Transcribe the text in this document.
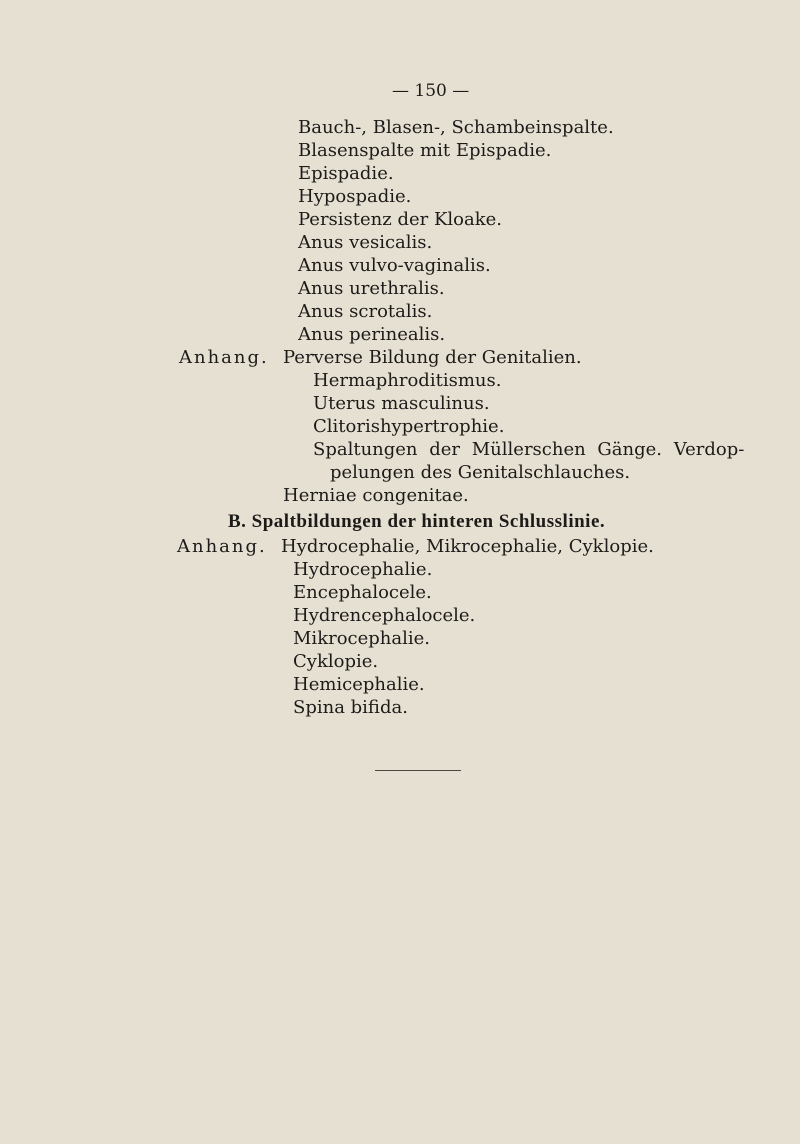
— 150 —
Bauch-, Blasen-, Schambeinspalte.
Blasenspalte mit Epispadie.
Epispadie.
Hypospadie.
Persistenz der Kloake.
Anus vesicalis.
Anus vulvo-vaginalis.
Anus urethralis.
Anus scrotalis.
Anus perinealis.
Anhang. Perverse Bildung der Genitalien.
Hermaphroditismus.
Uterus masculinus.
Clitorishypertrophie.
Spaltungen der Müllerschen Gänge. Verdop-
pelungen des Genitalschlauches.
Herniae congenitae.
B. Spaltbildungen der hinteren Schlusslinie.
Anhang. Hydrocephalie, Mikrocephalie, Cyklopie.
Hydrocephalie.
Encephalocele.
Hydrencephalocele.
Mikrocephalie.
Cyklopie.
Hemicephalie.
Spina bifida.
